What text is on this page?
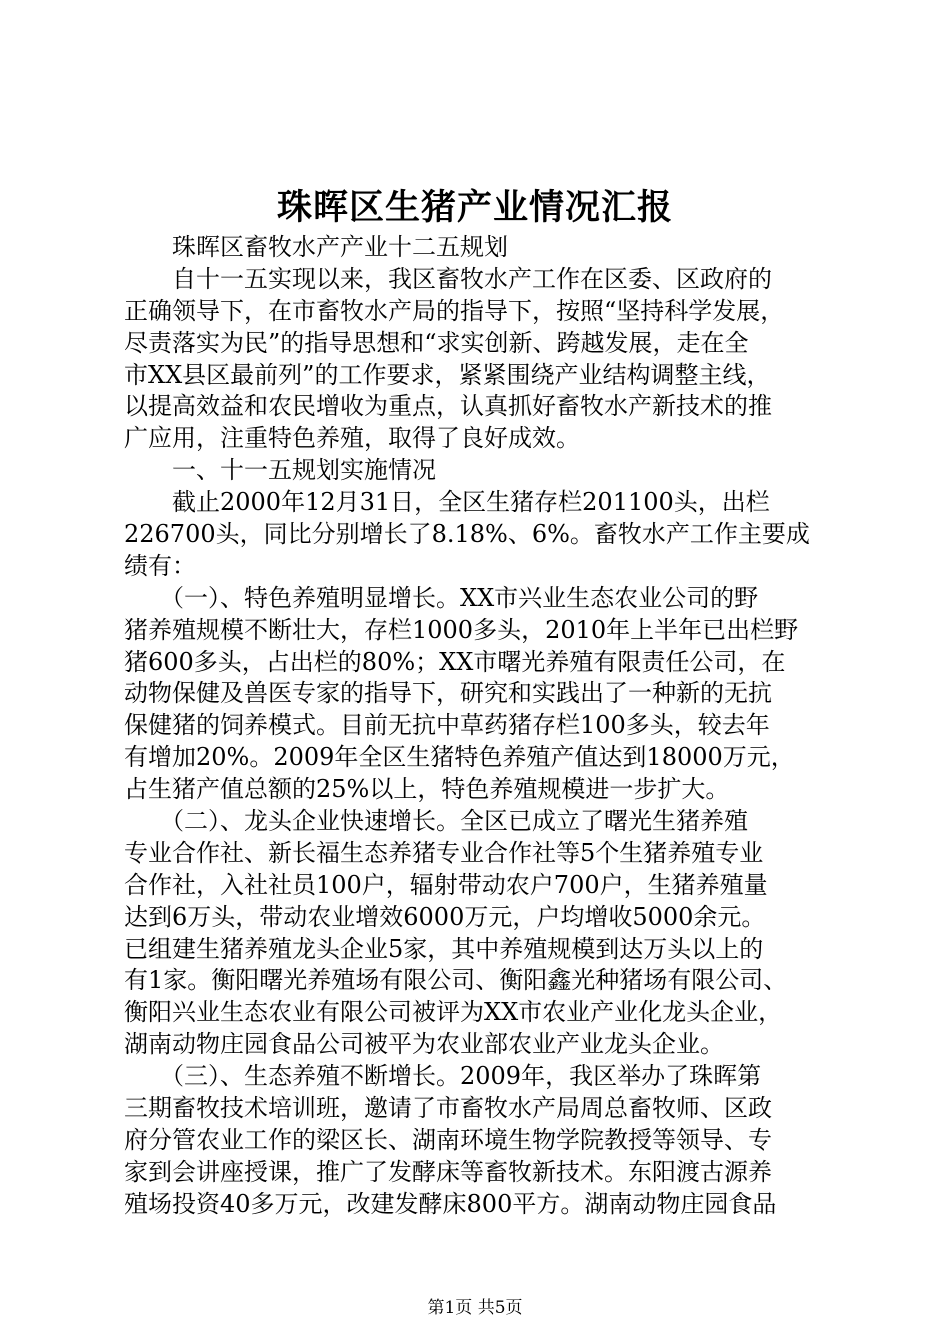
珠晖区生猪产业情况汇报
　　珠晖区畜牧水产产业十二五规划
　　自十一五实现以来，我区畜牧水产工作在区委、区政府的
正确领导下，在市畜牧水产局的指导下，按照“坚持科学发展，
尽责落实为民”的指导思想和“求实创新、跨越发展，走在全
市XX县区最前列”的工作要求，紧紧围绕产业结构调整主线，
以提高效益和农民增收为重点，认真抓好畜牧水产新技术的推
广应用，注重特色养殖，取得了良好成效。
　　一、十一五规划实施情况
　　截止2000年12月31日，全区生猪存栏201100头，出栏
226700头，同比分别增长了8.18%、6%。畜牧水产工作主要成
绩有：
　　（一）、特色养殖明显增长。XX市兴业生态农业公司的野
猪养殖规模不断壮大，存栏1000多头，2010年上半年已出栏野
猪600多头，占出栏的80%；XX市曙光养殖有限责任公司，在
动物保健及兽医专家的指导下，研究和实践出了一种新的无抗
保健猪的饲养模式。目前无抗中草药猪存栏100多头，较去年
有增加20%。2009年全区生猪特色养殖产值达到18000万元，
占生猪产值总额的25%以上，特色养殖规模进一步扩大。
　　（二）、龙头企业快速增长。全区已成立了曙光生猪养殖
专业合作社、新长福生态养猪专业合作社等5个生猪养殖专业
合作社，入社社员100户，辐射带动农户700户，生猪养殖量
达到6万头，带动农业增效6000万元，户均增收5000余元。
已组建生猪养殖龙头企业5家，其中养殖规模到达万头以上的
有1家。衡阳曙光养殖场有限公司、衡阳鑫光种猪场有限公司、
衡阳兴业生态农业有限公司被评为XX市农业产业化龙头企业，
湖南动物庄园食品公司被平为农业部农业产业龙头企业。
　　（三）、生态养殖不断增长。2009年，我区举办了珠晖第
三期畜牧技术培训班，邀请了市畜牧水产局周总畜牧师、区政
府分管农业工作的梁区长、湖南环境生物学院教授等领导、专
家到会讲座授课，推广了发酵床等畜牧新技术。东阳渡古源养
殖场投资40多万元，改建发酵床800平方。湖南动物庄园食品
第1页 共5页
